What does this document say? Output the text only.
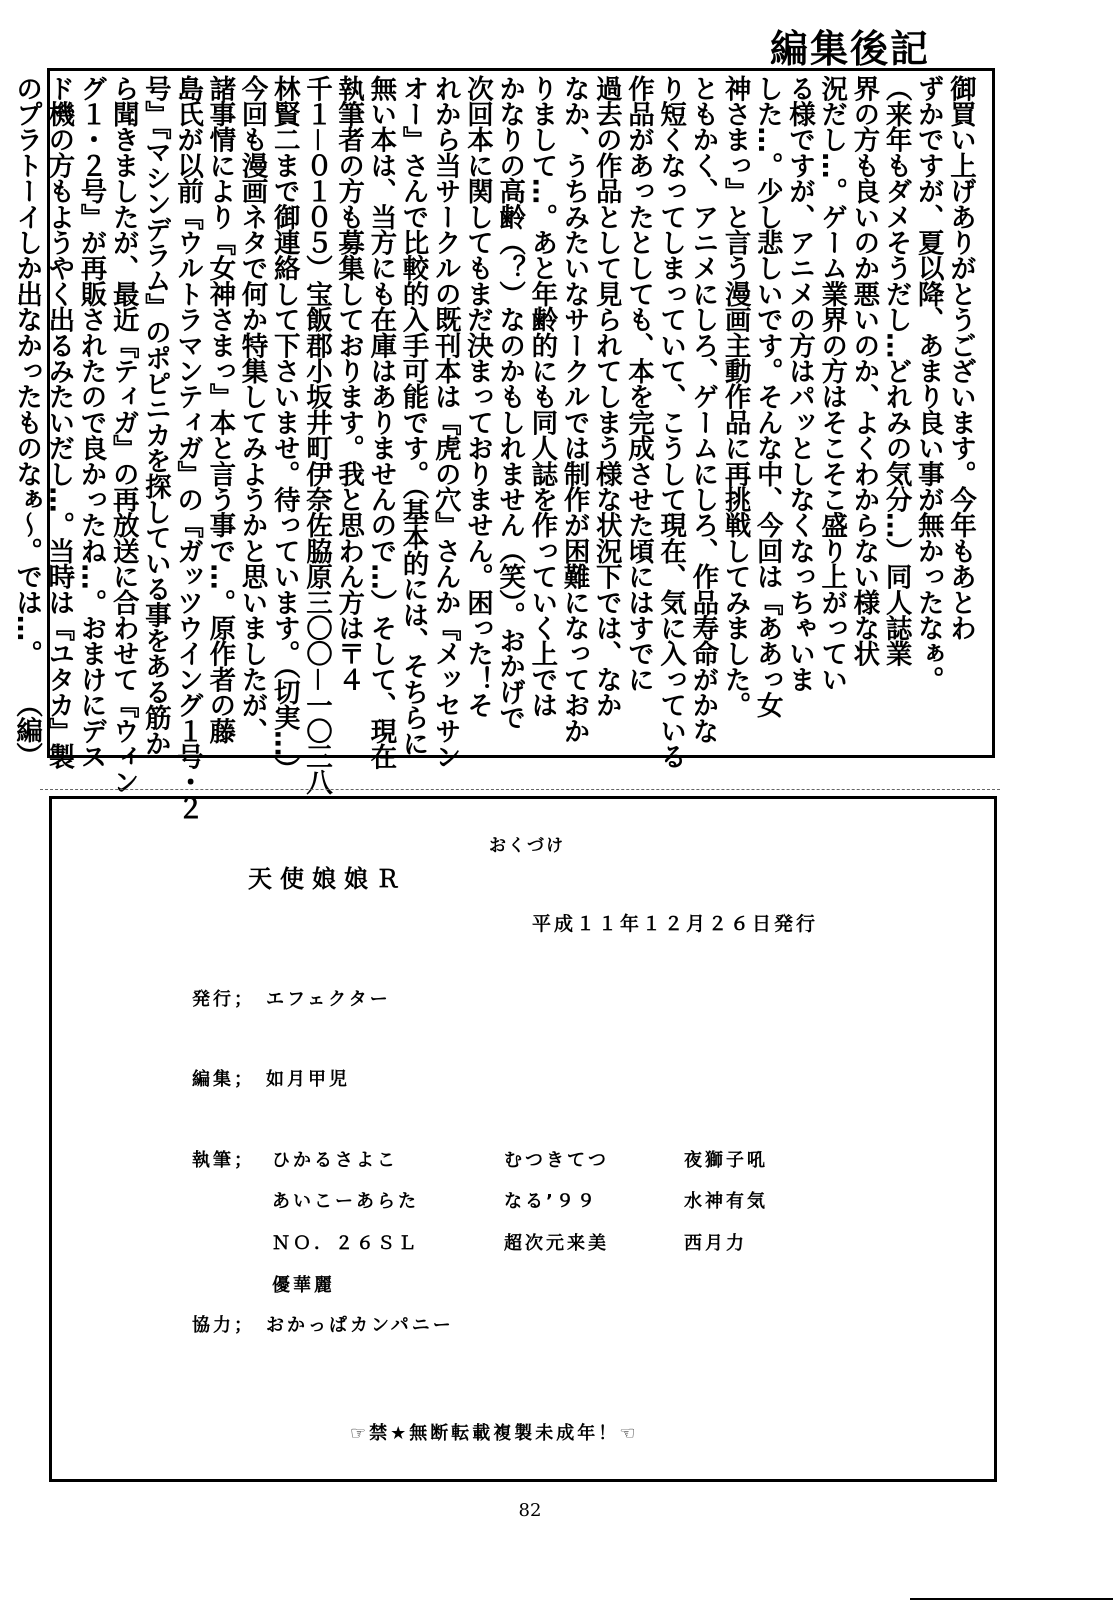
編集後記
御買い上げありがとうございます。今年もあとわ
ずかですが、夏以降、あまり良い事が無かったなぁ。
（来年もダメそうだし…どれみの気分…）同人誌業
界の方も良いのか悪いのか、よくわからない様な状
況だし…。ゲーム業界の方はそこそこ盛り上がってい
る様ですが、アニメの方はパッとしなくなっちゃいま
した…。少し悲しいです。そんな中、今回は『ああっ女
神さまっ』と言う漫画主動作品に再挑戦してみました。
ともかく、アニメにしろ、ゲームにしろ、作品寿命がかな
り短くなってしまっていて、こうして現在、気に入っている
作品があったとしても、本を完成させた頃にはすでに
過去の作品として見られてしまう様な状況下では、なか
なか、うちみたいなサークルでは制作が困難になっておか
りまして…。あと年齢的にも同人誌を作っていく上では
かなりの高齢（？）なのかもしれません（笑）。おかげで
次回本に関してもまだ決まっておりません。困った！そ
れから当サークルの既刊本は『虎の穴』さんか『メッセサン
オー』さんで比較的入手可能です。（基本的には、そちらに
無い本は、当方にも在庫はありませんので…）そして、現在
執筆者の方も募集しております。我と思わん方は〒４
千１－０１０５）宝飯郡小坂井町伊奈佐脇原三〇〇－一〇三八
林賢二まで御連絡して下さいませ。待っています。（切実…）
今回も漫画ネタで何か特集してみようかと思いましたが、
諸事情により『女神さまっ』本と言う事で…。原作者の藤
島氏が以前『ウルトラマンティガ』の『ガッツウイング１号・２
号』『マシンデラム』のポピニカを探している事をある筋か
ら聞きましたが、最近『ティガ』の再放送に合わせて『ウィン
グ１・２号』が再販されたので良かったね…。おまけにデス
ド機の方もようやく出るみたいだし…。当時は『ユタカ』製
のプラトーイしか出なかったものなぁ～。では…。　　（編）
おくづけ
天使娘娘Ｒ
平成１１年１２月２６日発行
発行； エフェクター
編集； 如月甲児
執筆； ひかるさよこ	むつきてつ	夜獅子吼
あいこーあらた	なる’９９	水神有気
ＮＯ．２６ＳＬ	超次元来美	西月力
優華麗
協力； おかっぱカンパニー
☞禁★無断転載複製未成年！☜
82
